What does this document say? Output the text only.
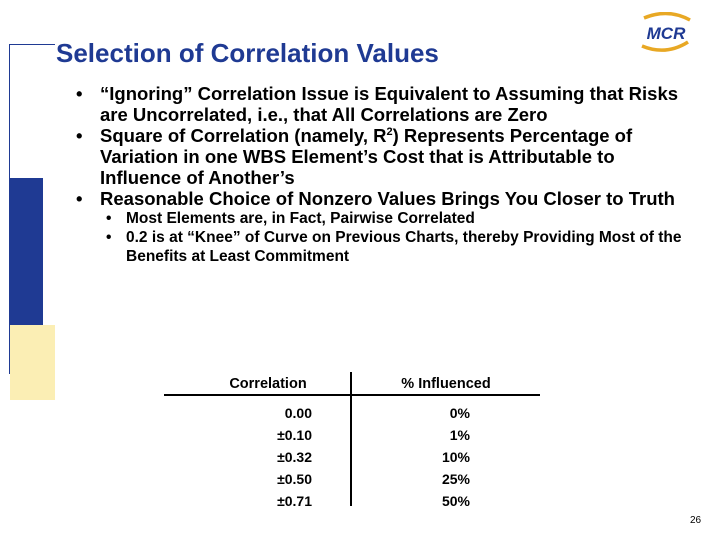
Selection of Correlation Values
MCR
• “Ignoring” Correlation Issue is Equivalent to Assuming that Risks are Uncorrelated, i.e., that All Correlations are Zero
• Square of Correlation (namely, $R^2$) Represents Percentage of Variation in one WBS Element’s Cost that is Attributable to Influence of Another’s
• Reasonable Choice of Nonzero Values Brings You Closer to Truth
• Most Elements are, in Fact, Pairwise Correlated
• 0.2 is at “Knee” of Curve on Previous Charts, thereby Providing Most of the Benefits at Least Commitment
Correlation	% Influenced
0.00	0%
±0.10	1%
±0.32	10%
±0.50	25%
±0.71	50%
26
